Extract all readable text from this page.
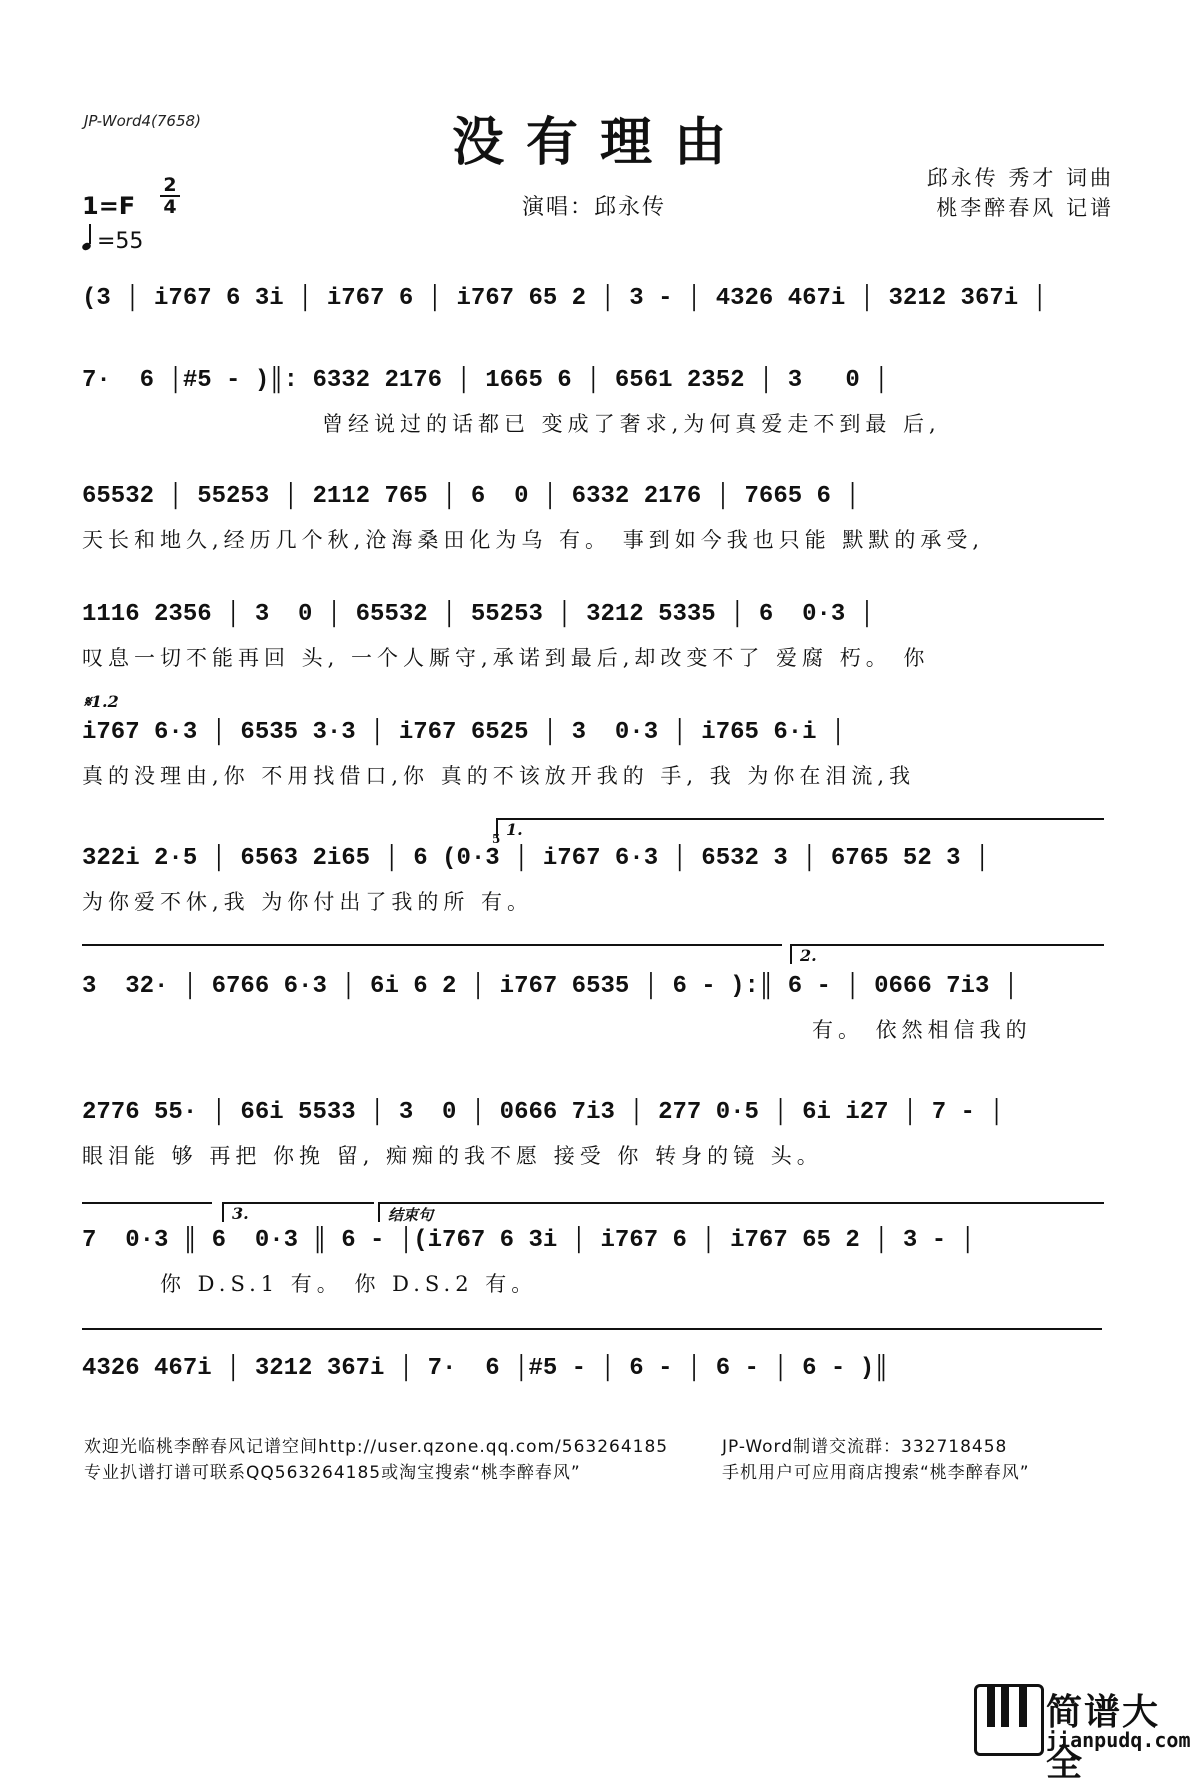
JP-Word4(7658)	没有理由
演唱：邱永传
邱永传 秀才 词曲
桃李醉春风 记谱
1=F
2
4
=55
(3 │ i767 6 3i │ i767 6 │ i767 65 2 │ 3 - │ 4326 467i │ 3212 367i │
7·  6 │#5 - )║: 6332 2176 │ 1665 6 │ 6561 2352 │ 3   0 │
曾经说过的话都已 变成了奢求,为何真爱走不到最 后,
65532 │ 55253 │ 2112 765 │ 6  0 │ 6332 2176 │ 7665 6 │
天长和地久,经历几个秋,沧海桑田化为乌 有。 事到如今我也只能 默默的承受,
1116 2356 │ 3  0 │ 65532 │ 55253 │ 3212 5335 │ 6  0·3 │
叹息一切不能再回 头, 一个人厮守,承诺到最后,却改变不了 爱腐 朽。 你
𝄋1.2
i767 6·3 │ 6535 3·3 │ i767 6525 │ 3  0·3 │ i765 6·i │
真的没理由,你 不用找借口,你 真的不该放开我的 手, 我 为你在泪流,我
1.
322i 2·5 │ 6563 2i65 │ 6 (0·3 │ i767 6·3 │ 6532 3 │ 6765 52 3 │
为你爱不休,我 为你付出了我的所 有。
2.
3  32· │ 6766 6·3 │ 6i 6 2 │ i767 6535 │ 6 - ):║ 6 - │ 0666 7i3 │
有。 依然相信我的
2776 55· │ 66i 5533 │ 3  0 │ 0666 7i3 │ 277 0·5 │ 6i i27 │ 7 - │
眼泪能 够 再把 你挽 留, 痴痴的我不愿 接受 你 转身的镜 头。
3.	结束句
7  0·3 ║ 6  0·3 ║ 6 - │(i767 6 3i │ i767 6 │ i767 65 2 │ 3 - │
你 D.S.1 有。 你 D.S.2 有。
4326 467i │ 3212 367i │ 7·  6 │#5 - │ 6 - │ 6 - │ 6 - )║
5
欢迎光临桃李醉春风记谱空间http://user.qzone.qq.com/563264185	JP-Word制谱交流群：332718458
专业扒谱打谱可联系QQ563264185或淘宝搜索“桃李醉春风”	手机用户可应用商店搜索“桃李醉春风”
简谱大全
jianpudq.com
